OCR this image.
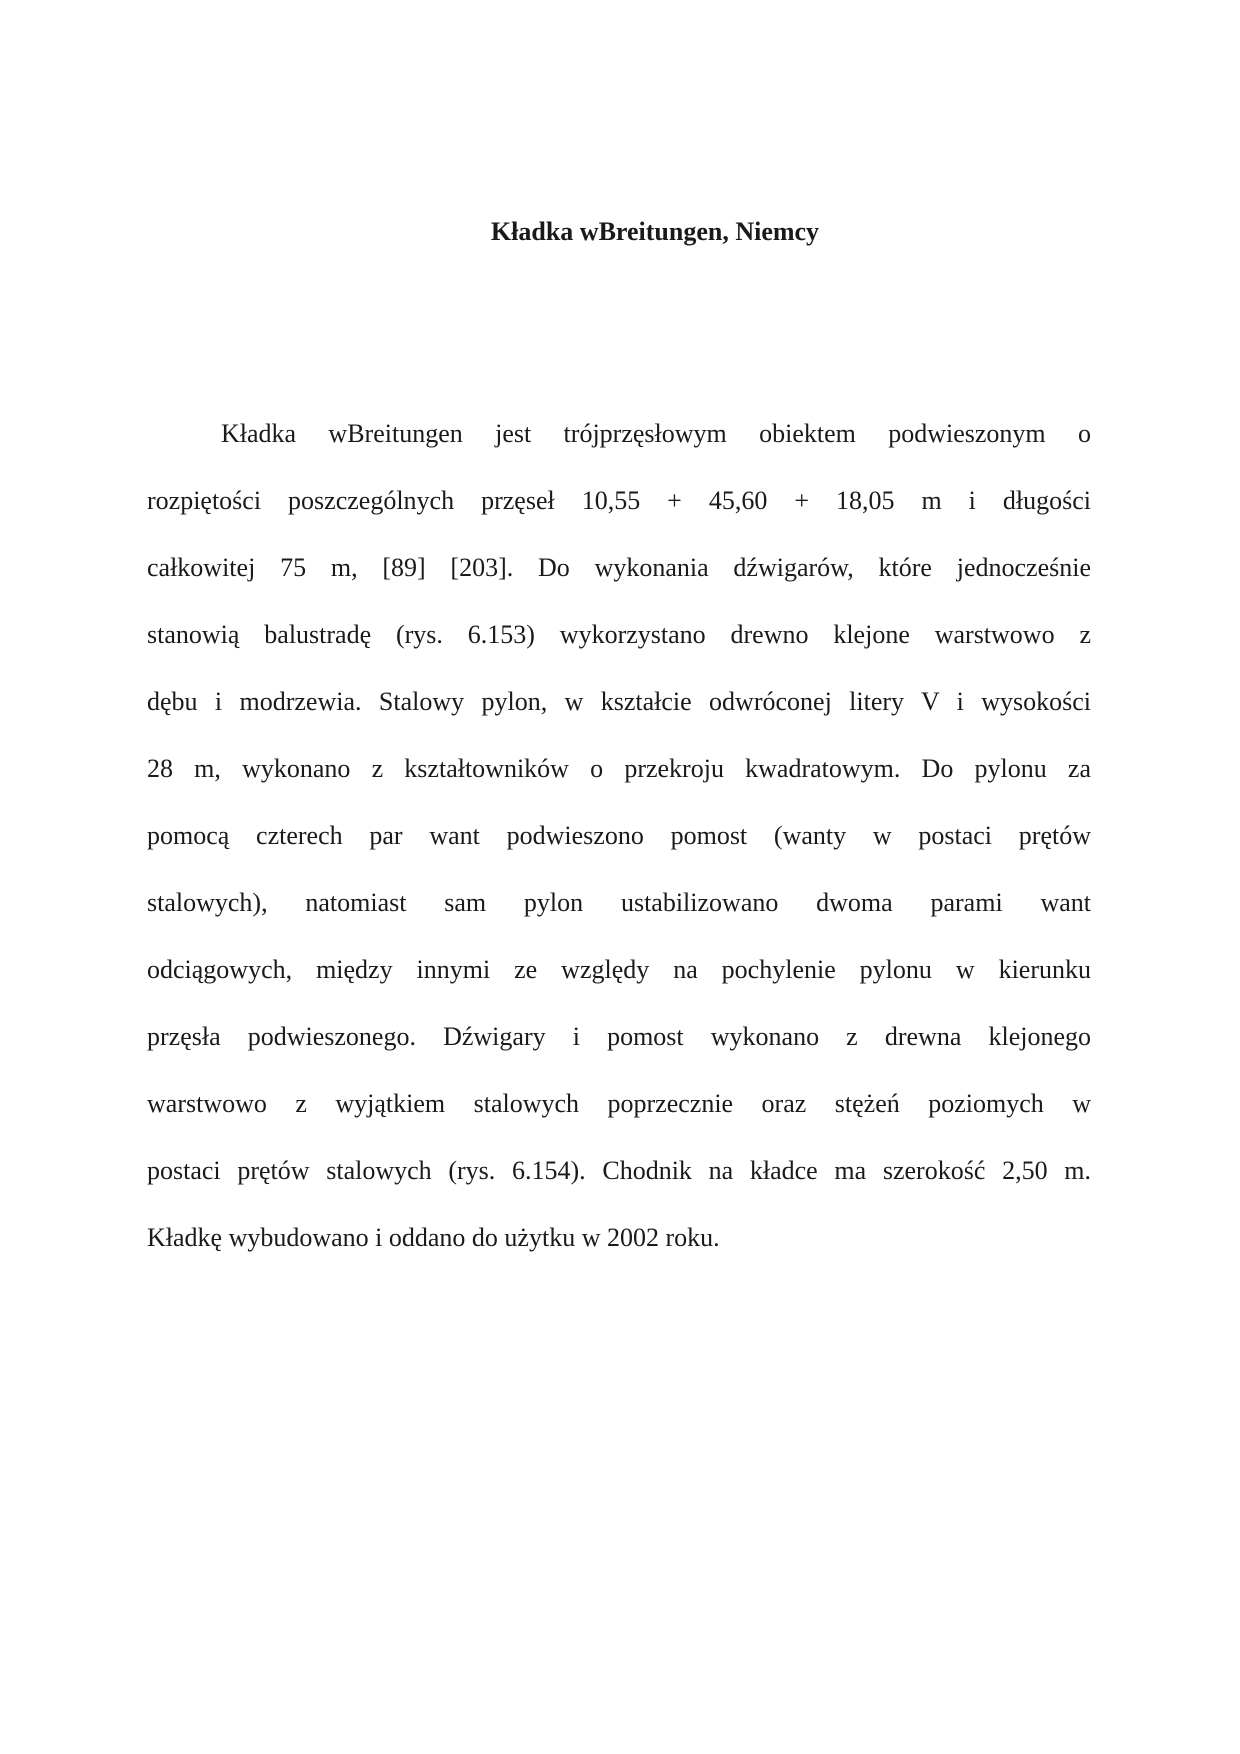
Kładka wBreitungen, Niemcy
Kładka wBreitungen jest trójprzęsłowym obiektem podwieszonym o
rozpiętości poszczególnych przęseł 10,55 + 45,60 + 18,05 m i długości
całkowitej 75 m, [89] [203]. Do wykonania dźwigarów, które jednocześnie
stanowią balustradę (rys. 6.153) wykorzystano drewno klejone warstwowo z
dębu i modrzewia. Stalowy pylon, w kształcie odwróconej litery V i wysokości
28 m, wykonano z kształtowników o przekroju kwadratowym. Do pylonu za
pomocą czterech par want podwieszono pomost (wanty w postaci prętów
stalowych), natomiast sam pylon ustabilizowano dwoma parami want
odciągowych, między innymi ze względy na pochylenie pylonu w kierunku
przęsła podwieszonego. Dźwigary i pomost wykonano z drewna klejonego
warstwowo z wyjątkiem stalowych poprzecznie oraz stężeń poziomych w
postaci prętów stalowych (rys. 6.154). Chodnik na kładce ma szerokość 2,50 m.
Kładkę wybudowano i oddano do użytku w 2002 roku.
